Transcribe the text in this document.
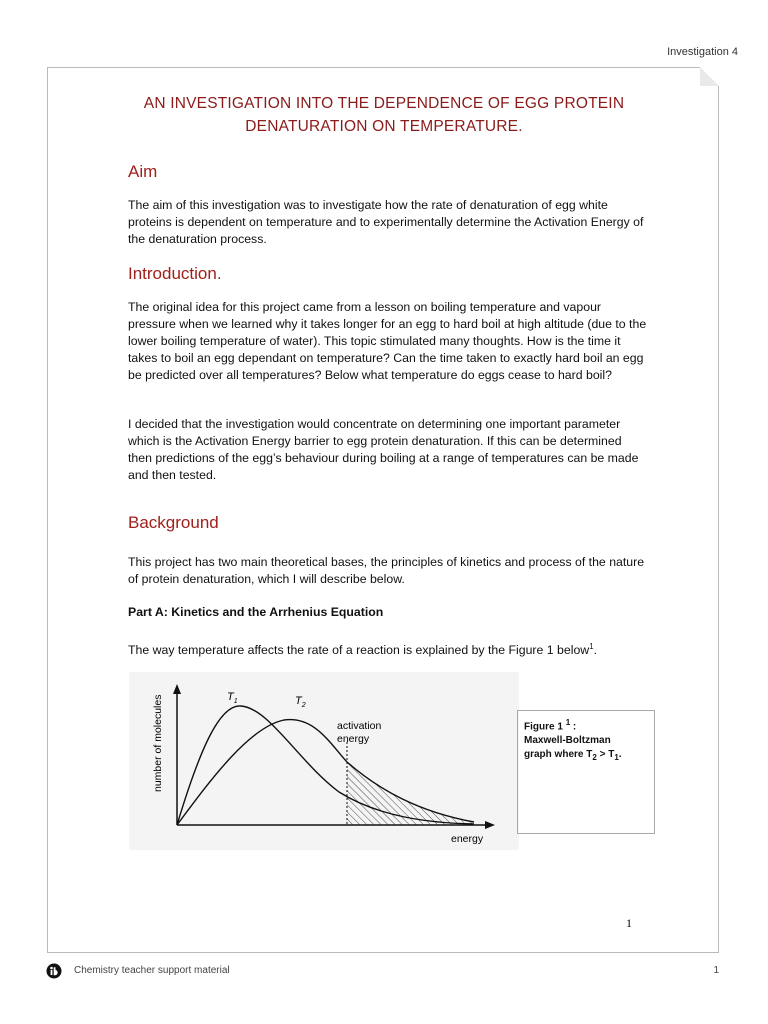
Investigation 4
AN INVESTIGATION INTO THE DEPENDENCE OF EGG PROTEIN
DENATURATION ON TEMPERATURE.
Aim
The aim of this investigation was to investigate how the rate of denaturation of egg white proteins is dependent on temperature and to experimentally determine the Activation Energy of the denaturation process.
Introduction.
The original idea for this project came from a lesson on boiling temperature and vapour pressure when we learned why it takes longer for an egg to hard boil at high altitude (due to the lower boiling temperature of water). This topic stimulated many thoughts. How is the time it takes to boil an egg dependant on temperature? Can the time taken to exactly hard boil an egg be predicted over all temperatures? Below what temperature do eggs cease to hard boil?
I decided that the investigation would concentrate on determining one important parameter which is the Activation Energy barrier to egg protein denaturation. If this can be determined then predictions of the egg’s behaviour during boiling at a range of temperatures can be made and then tested.
Background
This project has two main theoretical bases, the principles of kinetics and process of the nature of protein denaturation, which I will describe below.
Part A: Kinetics and the Arrhenius Equation
The way temperature affects the rate of a reaction is explained by the Figure 1 below$^1$.
$T_1$	$T_2$
activation
energy
energy
number of molecules	Figure 1 $^1$ :
Maxwell-Boltzman
graph where $T_2 > T_1$.
1
Chemistry teacher support material	1
